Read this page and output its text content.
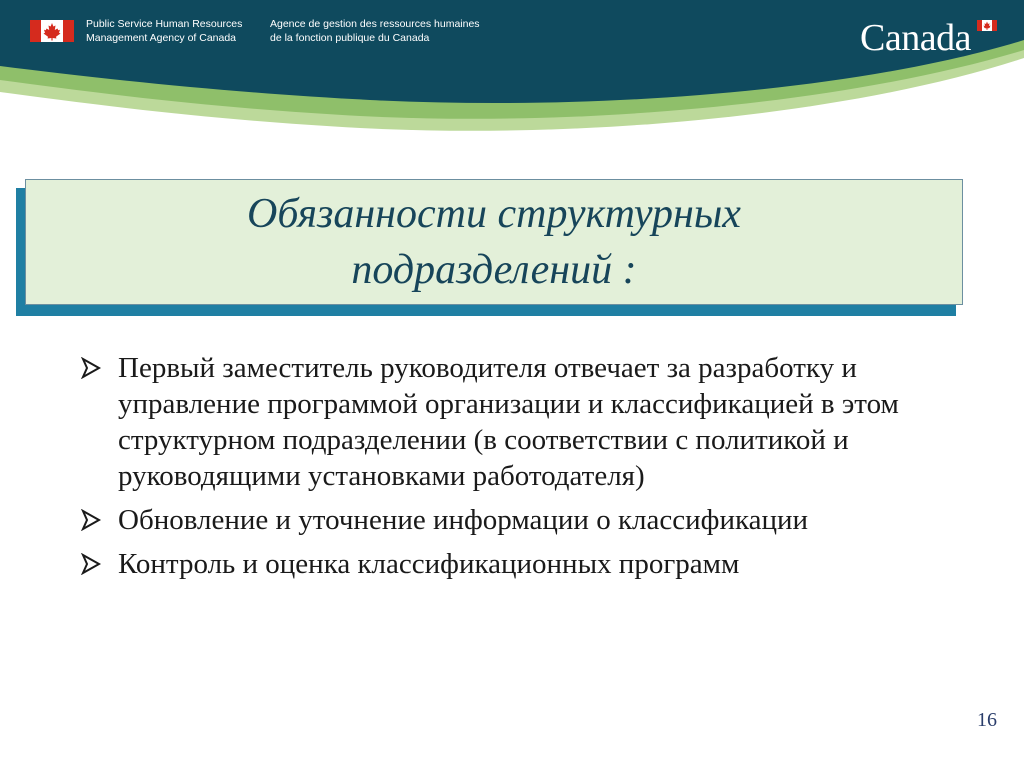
Public Service Human Resources
Management Agency of Canada
Agence de gestion des ressources humaines
de la fonction publique du Canada	Canada
Обязанности структурных
подразделений :
Первый заместитель руководителя отвечает за разработку и управление программой организации и классификацией в этом структурном подразделении (в соответствии с политикой и руководящими установками работодателя)
Обновление и уточнение информации о классификации
Контроль и оценка классификационных программ
16
